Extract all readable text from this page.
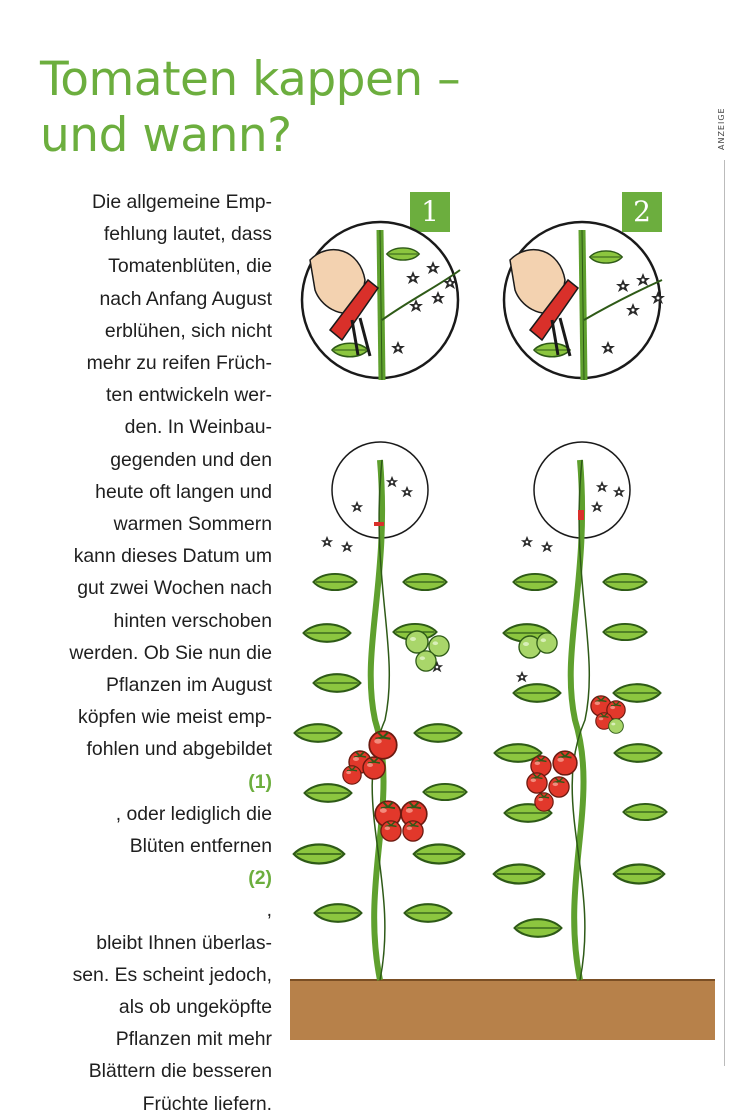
Tomaten kappen –
und wann?	ANZEIGE

Die allgemeine Emp-
fehlung lautet, dass
Tomatenblüten, die
nach Anfang August
erblühen, sich nicht
mehr zu reifen Früch-
ten entwickeln wer-
den. In Weinbau-
gegenden und den
heute oft langen und
warmen Sommern
kann dieses Datum um
gut zwei Wochen nach
hinten verschoben
werden. Ob Sie nun die
Pflanzen im August
köpfen wie meist emp-
fohlen und abgebildet
(1)
, oder lediglich die
Blüten entfernen
(2)
,
bleibt Ihnen überlas-
sen. Es scheint jedoch,
als ob ungeköpfte
Pflanzen mit mehr
Blättern die besseren
Früchte liefern.

1	2
